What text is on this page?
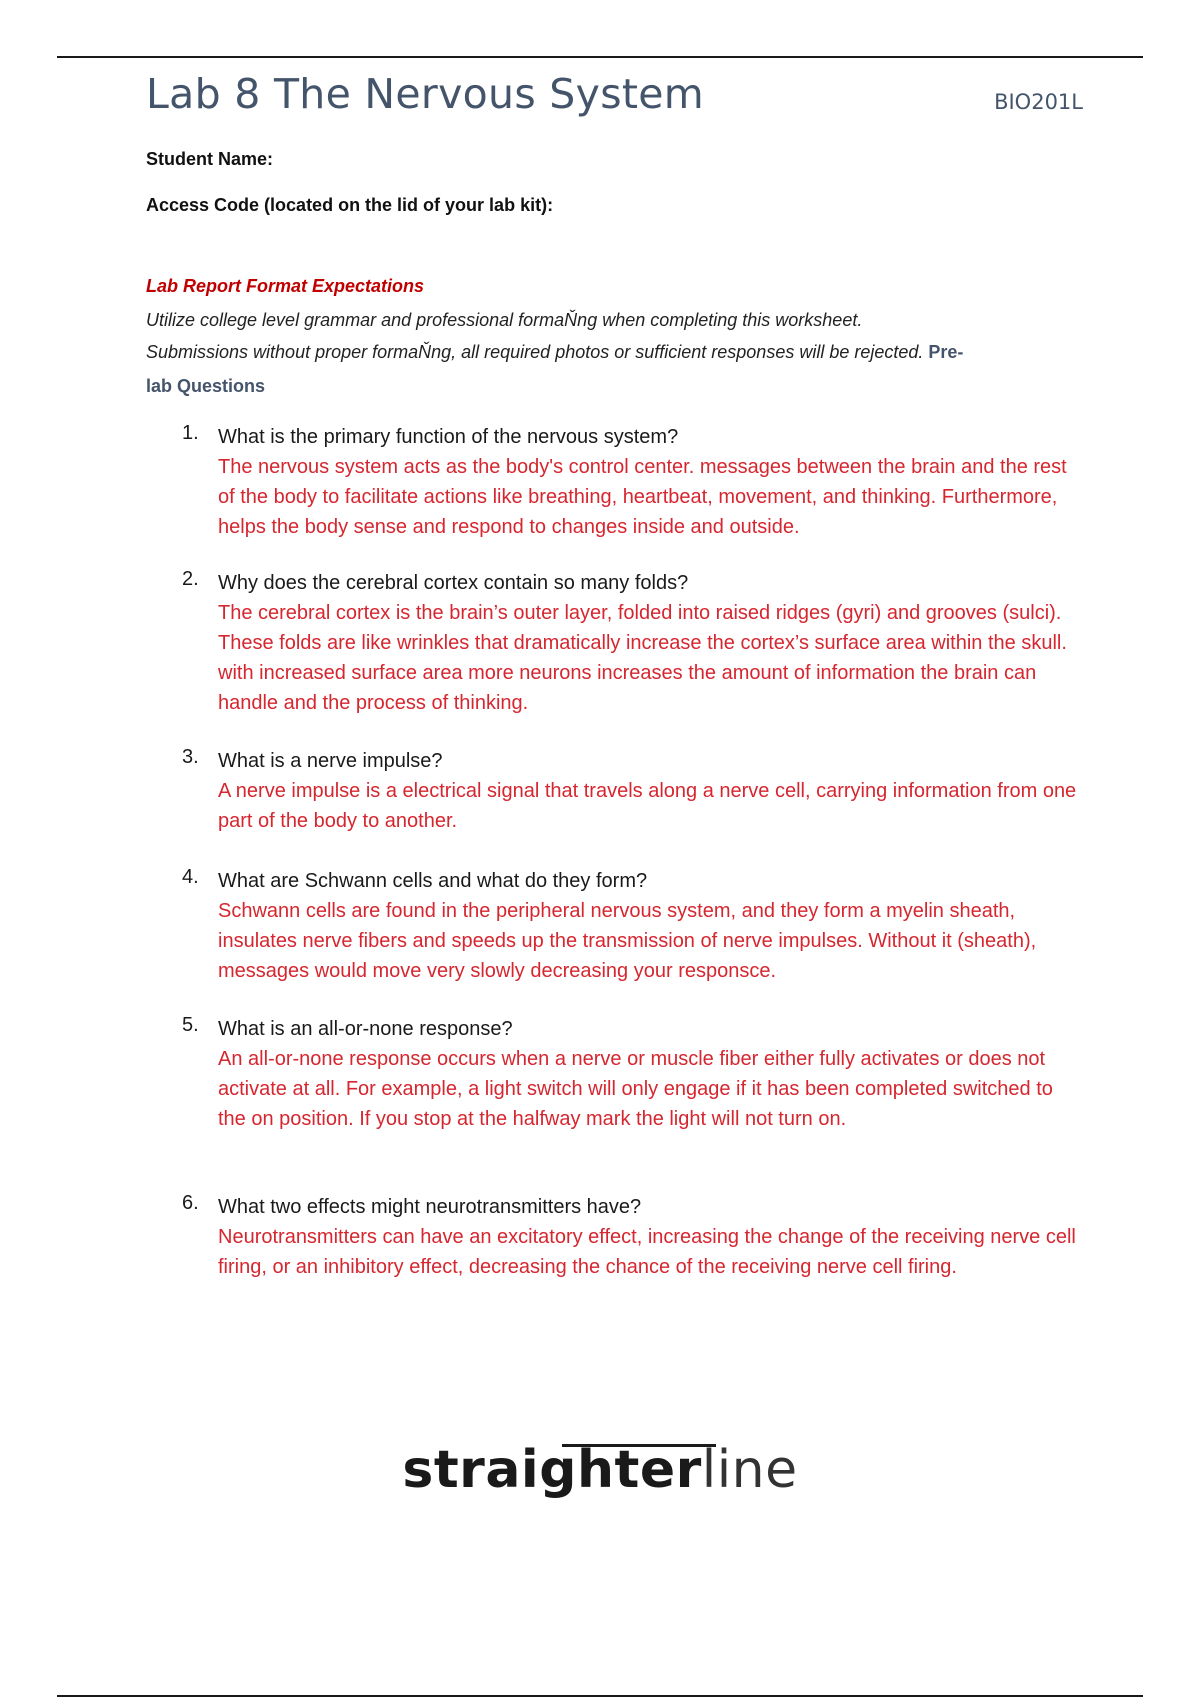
Lab 8 The Nervous System	BIO201L
Student Name:
Access Code (located on the lid of your lab kit):
Lab Report Format Expectations
Utilize college level grammar and professional formaŇng when completing this worksheet.
Submissions without proper formaŇng, all required photos or sufficient responses will be rejected. Pre-
lab Questions
1. What is the primary function of the nervous system?
The nervous system acts as the body's control center. messages between the brain and the rest of the body to facilitate actions like breathing, heartbeat, movement, and thinking. Furthermore, helps the body sense and respond to changes inside and outside.
2. Why does the cerebral cortex contain so many folds?
The cerebral cortex is the brain’s outer layer, folded into raised ridges (gyri) and grooves (sulci). These folds are like wrinkles that dramatically increase the cortex’s surface area within the skull. with increased surface area more neurons increases the amount of information the brain can handle and the process of thinking.
3. What is a nerve impulse?
A nerve impulse is a electrical signal that travels along a nerve cell, carrying information from one part of the body to another.
4. What are Schwann cells and what do they form?
Schwann cells are found in the peripheral nervous system, and they form a myelin sheath, insulates nerve fibers and speeds up the transmission of nerve impulses. Without it (sheath), messages would move very slowly decreasing your responsce.
5. What is an all-or-none response?
An all-or-none response occurs when a nerve or muscle fiber either fully activates or does not activate at all. For example, a light switch will only engage if it has been completed switched to the on position. If you stop at the halfway mark the light will not turn on.
6. What two effects might neurotransmitters have?
Neurotransmitters can have an excitatory effect, increasing the change of the receiving nerve cell firing, or an inhibitory effect, decreasing the chance of the receiving nerve cell firing.
straighterline
